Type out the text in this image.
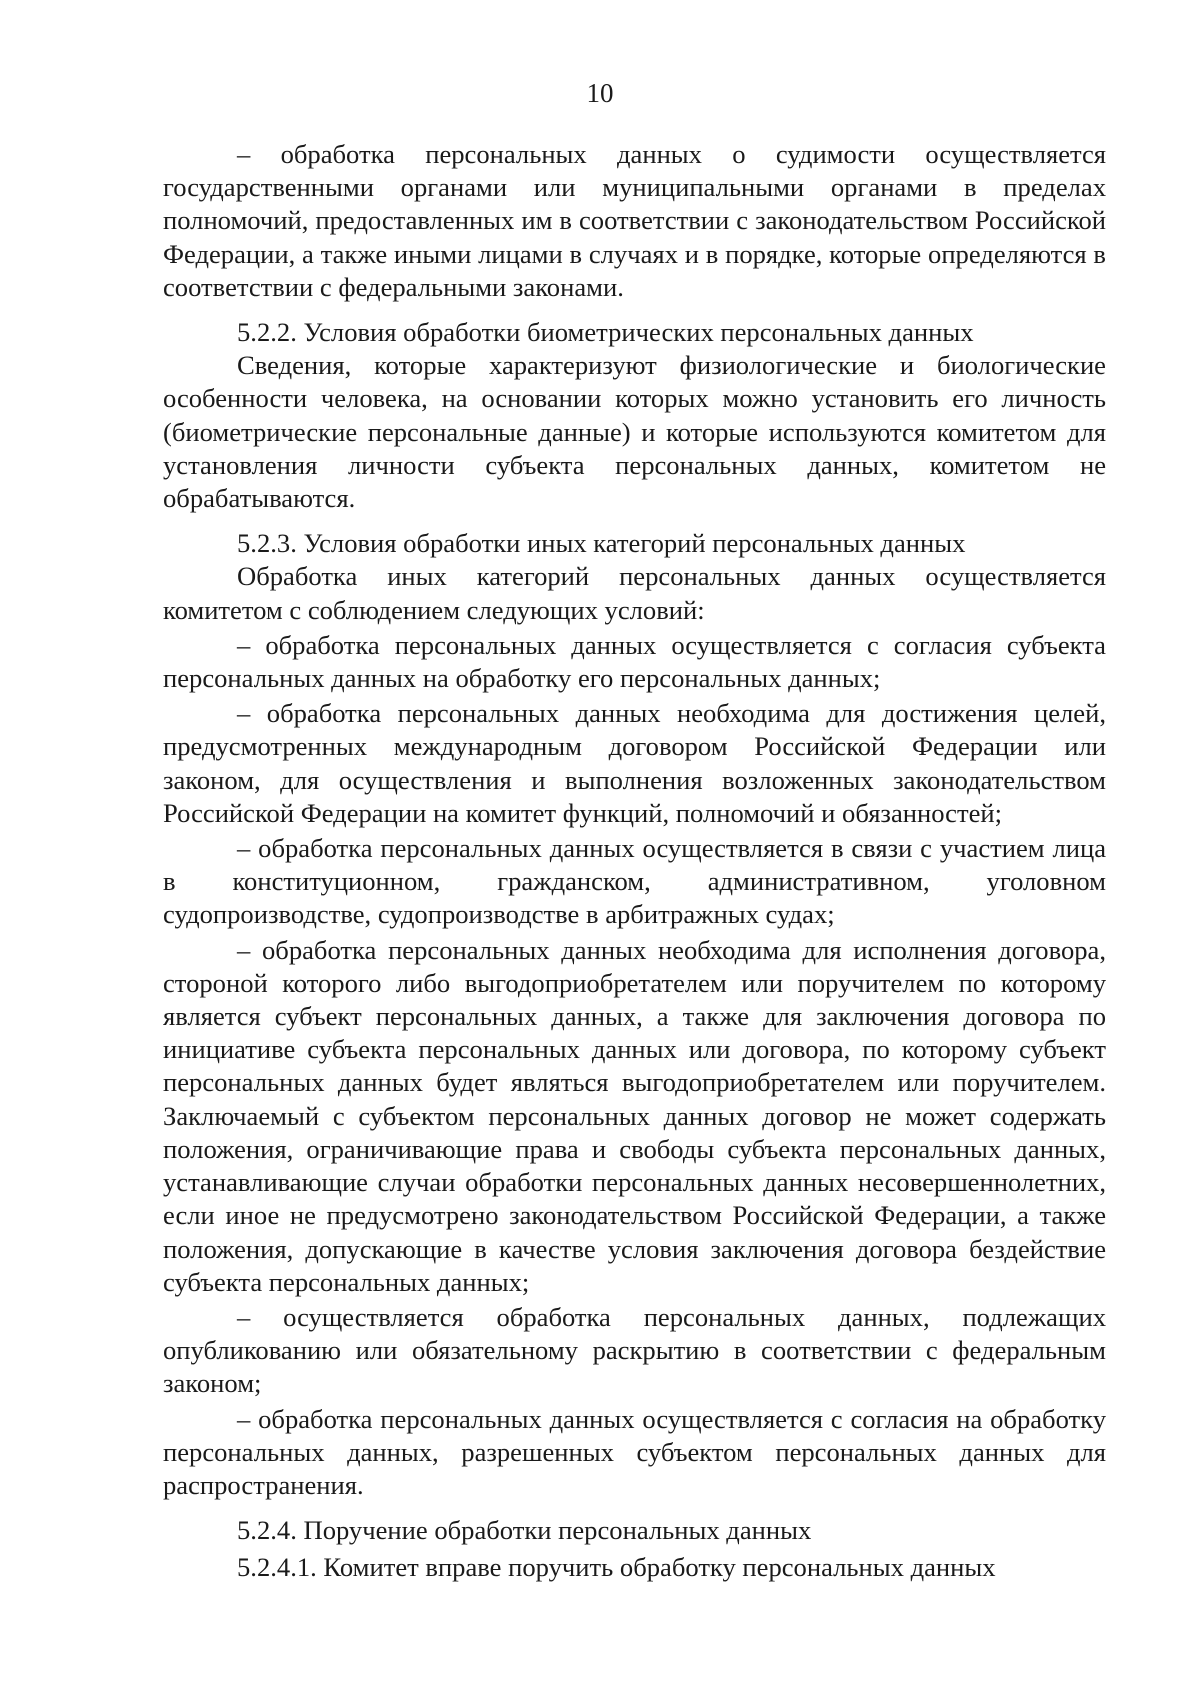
10

– обработка персональных данных о судимости осуществляется государственными органами или муниципальными органами в пределах полномочий, предоставленных им в соответствии с законодательством Российской Федерации, а также иными лицами в случаях и в порядке, которые определяются в соответствии с федеральными законами.

5.2.2. Условия обработки биометрических персональных данных

Сведения, которые характеризуют физиологические и биологические особенности человека, на основании которых можно установить его личность (биометрические персональные данные) и которые используются комитетом для установления личности субъекта персональных данных, комитетом не обрабатываются.

5.2.3. Условия обработки иных категорий персональных данных

Обработка иных категорий персональных данных осуществляется комитетом с соблюдением следующих условий:

– обработка персональных данных осуществляется с согласия субъекта персональных данных на обработку его персональных данных;

– обработка персональных данных необходима для достижения целей, предусмотренных международным договором Российской Федерации или законом, для осуществления и выполнения возложенных законодательством Российской Федерации на комитет функций, полномочий и обязанностей;

– обработка персональных данных осуществляется в связи с участием лица в конституционном, гражданском, административном, уголовном судопроизводстве, судопроизводстве в арбитражных судах;

– обработка персональных данных необходима для исполнения договора, стороной которого либо выгодоприобретателем или поручителем по которому является субъект персональных данных, а также для заключения договора по инициативе субъекта персональных данных или договора, по которому субъект персональных данных будет являться выгодоприобретателем или поручителем. Заключаемый с субъектом персональных данных договор не может содержать положения, ограничивающие права и свободы субъекта персональных данных, устанавливающие случаи обработки персональных данных несовершеннолетних, если иное не предусмотрено законодательством Российской Федерации, а также положения, допускающие в качестве условия заключения договора бездействие субъекта персональных данных;

– осуществляется обработка персональных данных, подлежащих опубликованию или обязательному раскрытию в соответствии с федеральным законом;

– обработка персональных данных осуществляется с согласия на обработку персональных данных, разрешенных субъектом персональных данных для распространения.

5.2.4. Поручение обработки персональных данных

5.2.4.1. Комитет вправе поручить обработку персональных данных
